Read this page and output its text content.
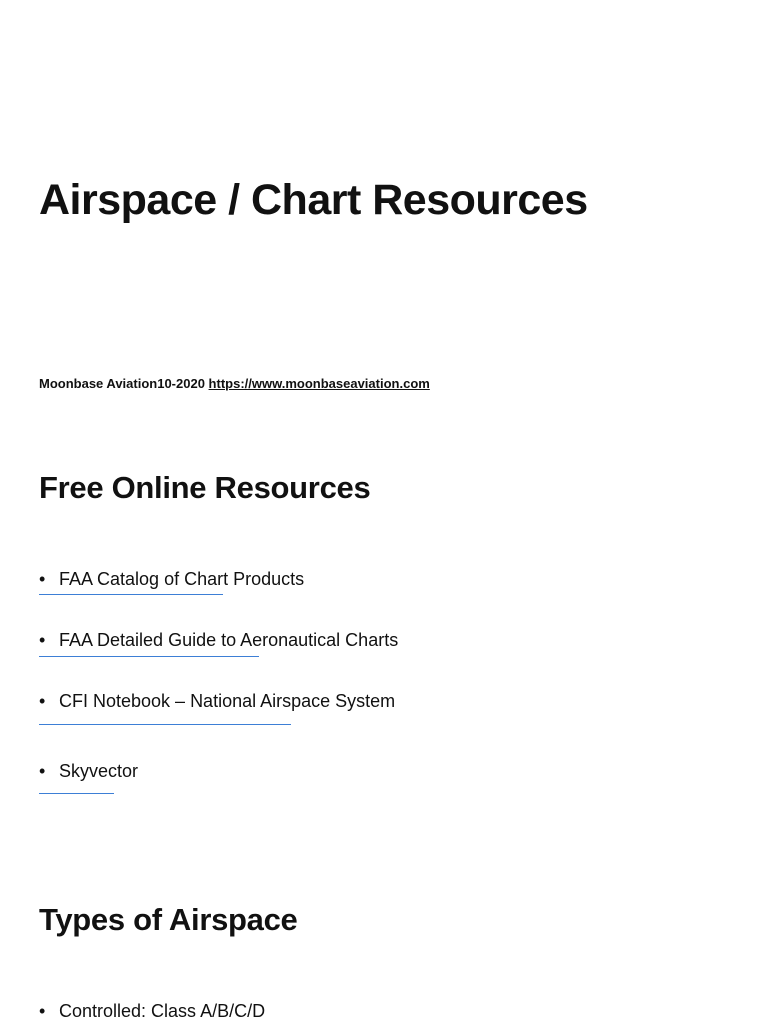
Airspace / Chart Resources
Moonbase Aviation10-2020 https://www.moonbaseaviation.com
Free Online Resources
• FAA Catalog of Chart Products
• FAA Detailed Guide to Aeronautical Charts
• CFI Notebook – National Airspace System
• Skyvector
Types of Airspace
• Controlled: Class A/B/C/D
